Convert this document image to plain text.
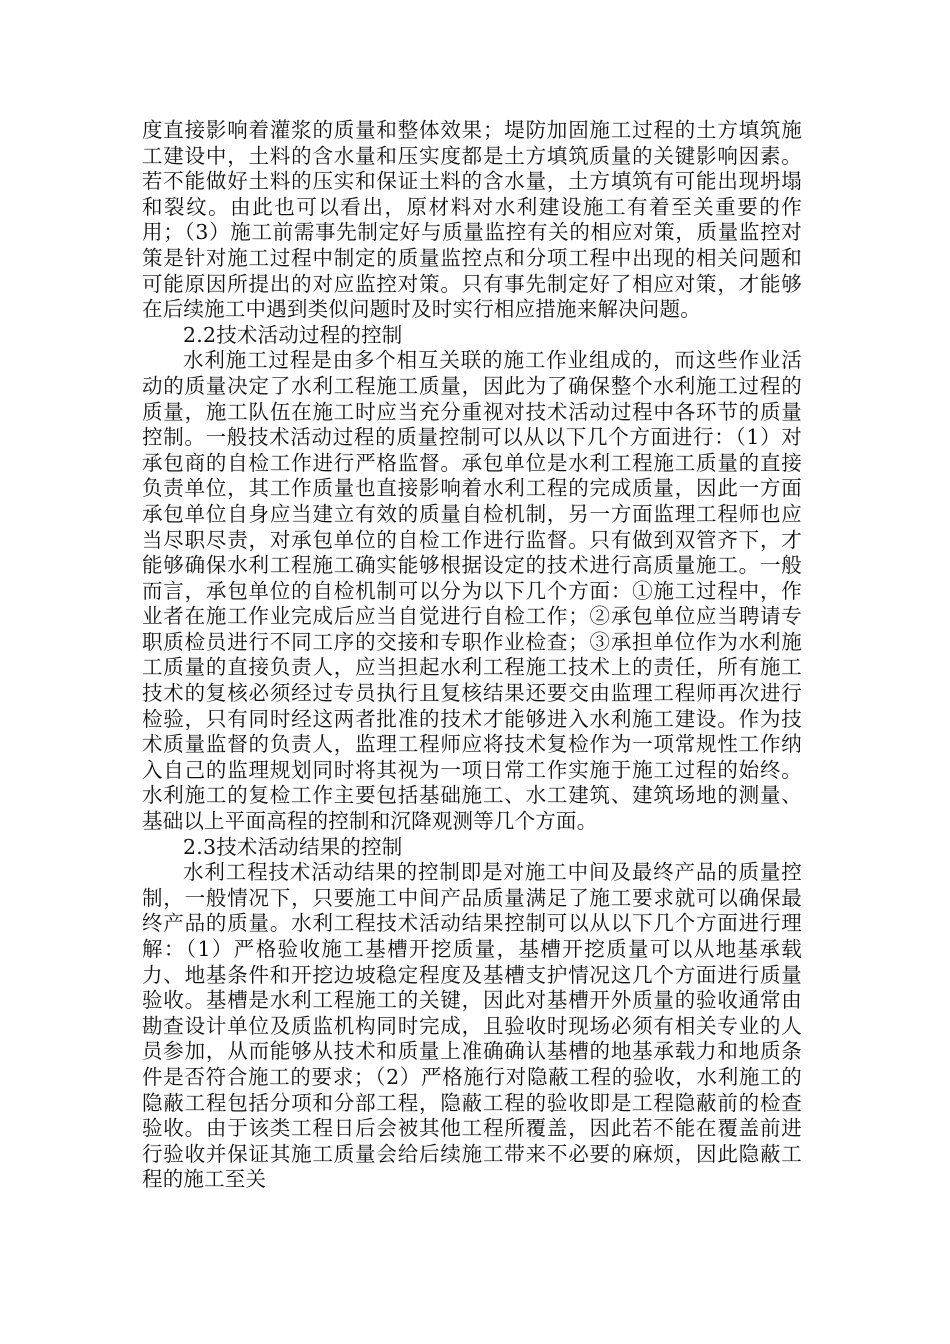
度直接影响着灌浆的质量和整体效果；堤防加固施工过程的土方填筑施工建设中，土料的含水量和压实度都是土方填筑质量的关键影响因素。若不能做好土料的压实和保证土料的含水量，土方填筑有可能出现坍塌和裂纹。由此也可以看出，原材料对水利建设施工有着至关重要的作用；（3）施工前需事先制定好与质量监控有关的相应对策，质量监控对策是针对施工过程中制定的质量监控点和分项工程中出现的相关问题和可能原因所提出的对应监控对策。只有事先制定好了相应对策，才能够在后续施工中遇到类似问题时及时实行相应措施来解决问题。

2.2技术活动过程的控制

水利施工过程是由多个相互关联的施工作业组成的，而这些作业活动的质量决定了水利工程施工质量，因此为了确保整个水利施工过程的质量，施工队伍在施工时应当充分重视对技术活动过程中各环节的质量控制。一般技术活动过程的质量控制可以从以下几个方面进行：（1）对承包商的自检工作进行严格监督。承包单位是水利工程施工质量的直接负责单位，其工作质量也直接影响着水利工程的完成质量，因此一方面承包单位自身应当建立有效的质量自检机制，另一方面监理工程师也应当尽职尽责，对承包单位的自检工作进行监督。只有做到双管齐下，才能够确保水利工程施工确实能够根据设定的技术进行高质量施工。一般而言，承包单位的自检机制可以分为以下几个方面：①施工过程中，作业者在施工作业完成后应当自觉进行自检工作；②承包单位应当聘请专职质检员进行不同工序的交接和专职作业检查；③承担单位作为水利施工质量的直接负责人，应当担起水利工程施工技术上的责任，所有施工技术的复核必须经过专员执行且复核结果还要交由监理工程师再次进行检验，只有同时经这两者批准的技术才能够进入水利施工建设。作为技术质量监督的负责人，监理工程师应将技术复检作为一项常规性工作纳入自己的监理规划同时将其视为一项日常工作实施于施工过程的始终。水利施工的复检工作主要包括基础施工、水工建筑、建筑场地的测量、基础以上平面高程的控制和沉降观测等几个方面。

2.3技术活动结果的控制

水利工程技术活动结果的控制即是对施工中间及最终产品的质量控制，一般情况下，只要施工中间产品质量满足了施工要求就可以确保最终产品的质量。水利工程技术活动结果控制可以从以下几个方面进行理解：（1）严格验收施工基槽开挖质量，基槽开挖质量可以从地基承载力、地基条件和开挖边坡稳定程度及基槽支护情况这几个方面进行质量验收。基槽是水利工程施工的关键，因此对基槽开外质量的验收通常由勘查设计单位及质监机构同时完成，且验收时现场必须有相关专业的人员参加，从而能够从技术和质量上准确确认基槽的地基承载力和地质条件是否符合施工的要求；（2）严格施行对隐蔽工程的验收，水利施工的隐蔽工程包括分项和分部工程，隐蔽工程的验收即是工程隐蔽前的检查验收。由于该类工程日后会被其他工程所覆盖，因此若不能在覆盖前进行验收并保证其施工质量会给后续施工带来不必要的麻烦，因此隐蔽工程的施工至关
